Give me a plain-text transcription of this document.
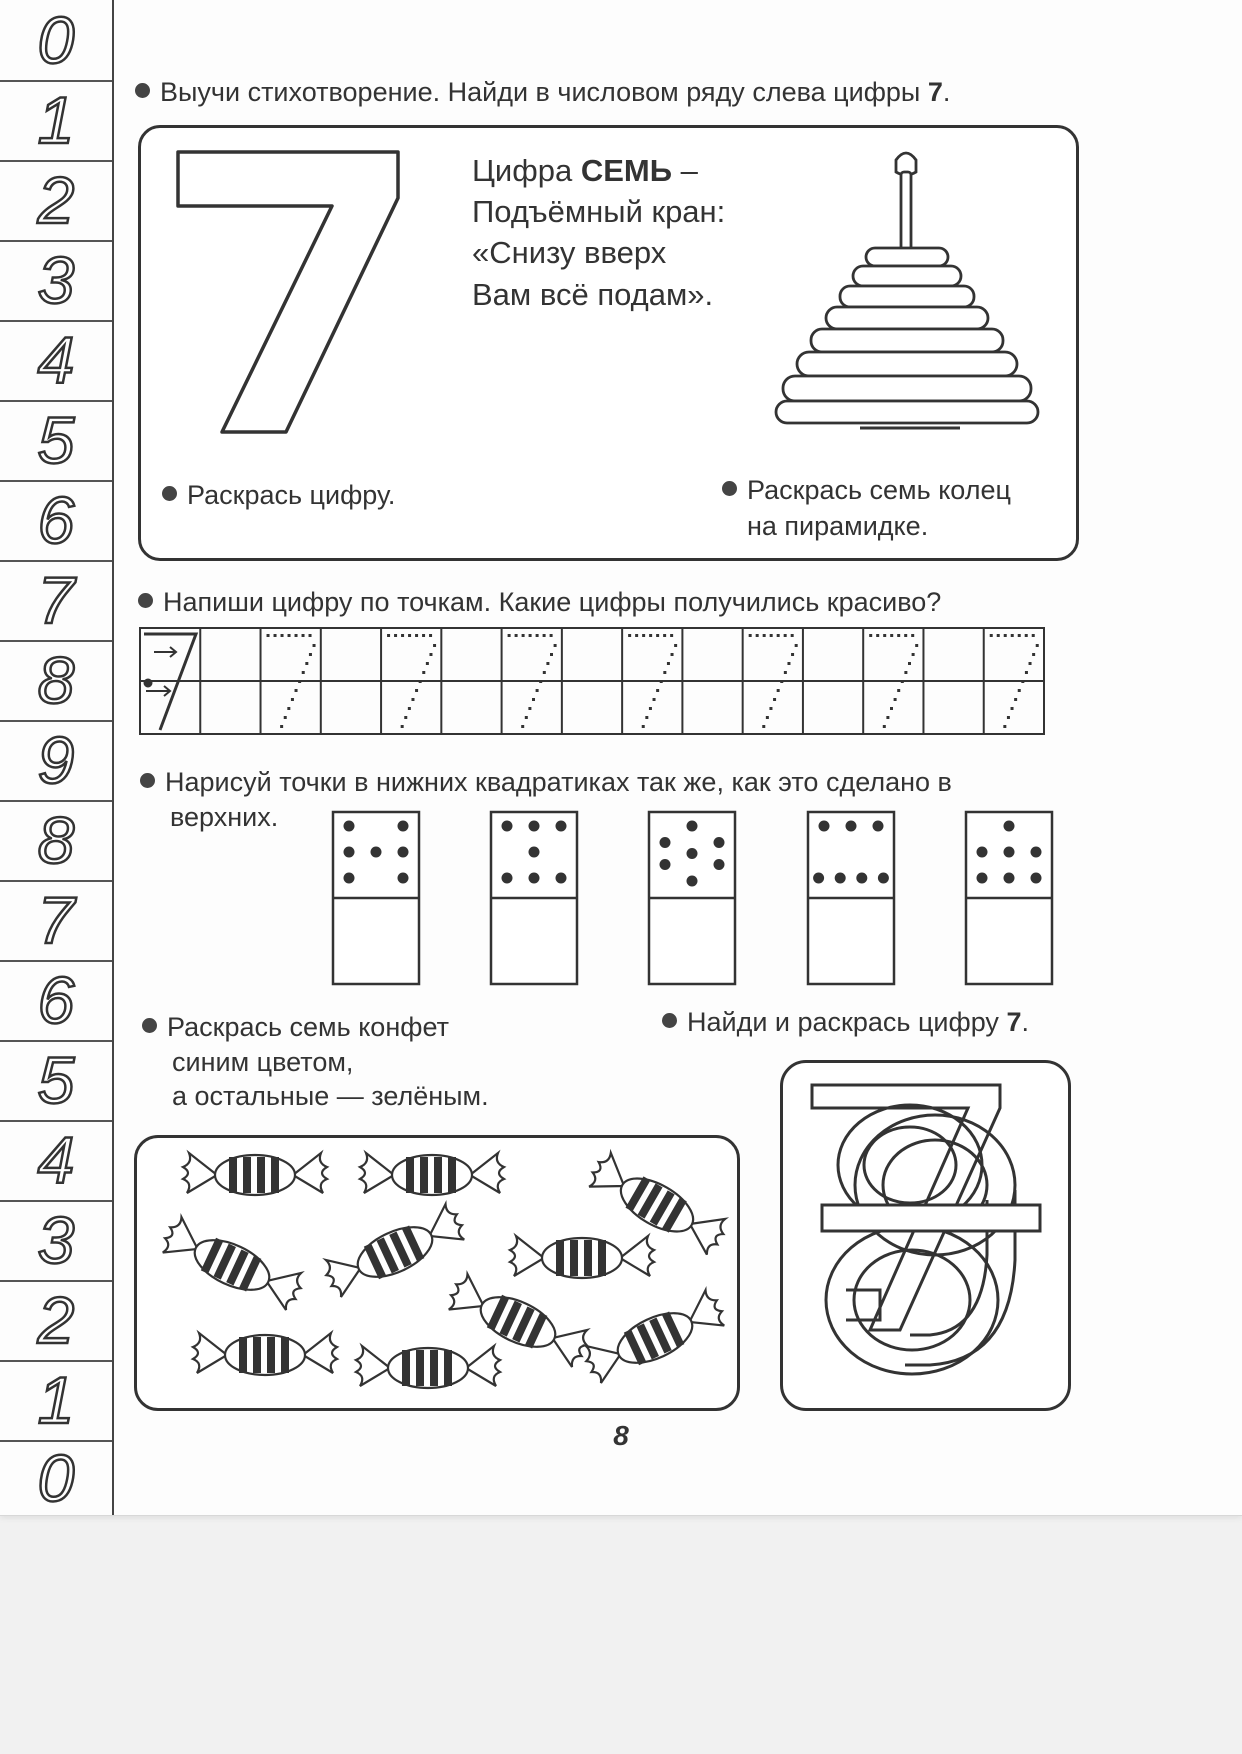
0
1
2
3
4
5
6
7
8
9
8
7
6
5
4
3
2
1
0
Выучи стихотворение. Найди в числовом ряду слева цифры 7.
Цифра СЕМЬ –
Подъёмный кран:
«Снизу вверх
Вам всё подам».
Раскрась цифру.	Раскрась семь колец
на пирамидке.
Напиши цифру по точкам. Какие цифры получились красиво?
Нарисуй точки в нижних квадратиках так же, как это сделано в
верхних.
Раскрась семь конфет
синим цветом,
а остальные — зелёным.
Найди и раскрась цифру 7.
8
